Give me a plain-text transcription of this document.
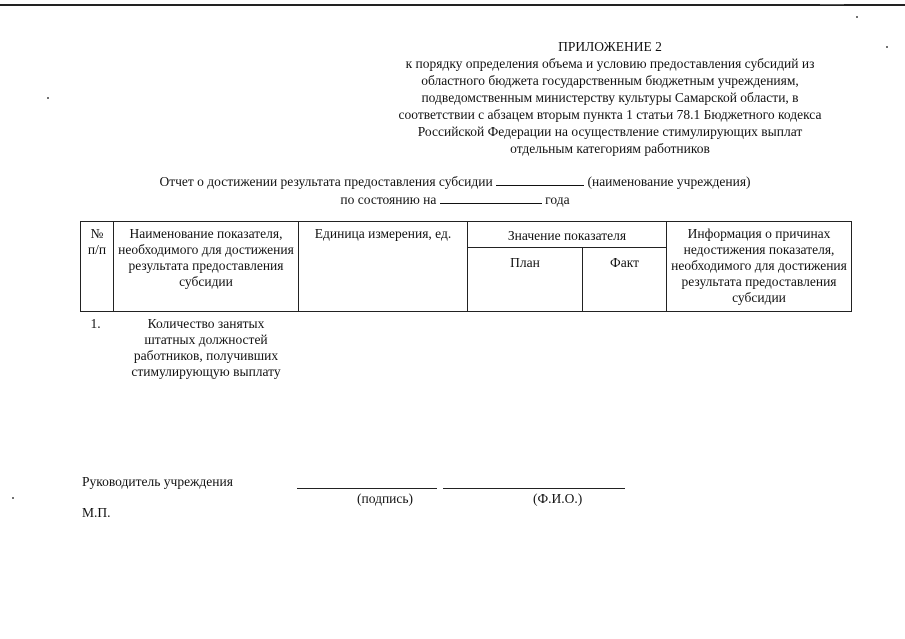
ПРИЛОЖЕНИЕ 2
к порядку определения объема и условию предоставления субсидий из
областного бюджета государственным бюджетным учреждениям,
подведомственным министерству культуры Самарской области, в
соответствии с абзацем вторым пункта 1 статьи 78.1 Бюджетного кодекса
Российской Федерации на осуществление стимулирующих выплат
отдельным категориям работников
Отчет о достижении результата предоставления субсидии	(наименование учреждения)
по состоянию на	года
№ п/п	Наименование показателя, необходимого для достижения результата предоставления субсидии	Единица измерения, ед.	Значение показателя		Информация о причинах недостижения показателя, необходимого для достижения результата предоставления субсидии
			План	Факт	
1.	Количество занятых штатных должностей работников, получивших стимулирующую выплату				
Руководитель учреждения
(подпись)	(Ф.И.О.)
М.П.
